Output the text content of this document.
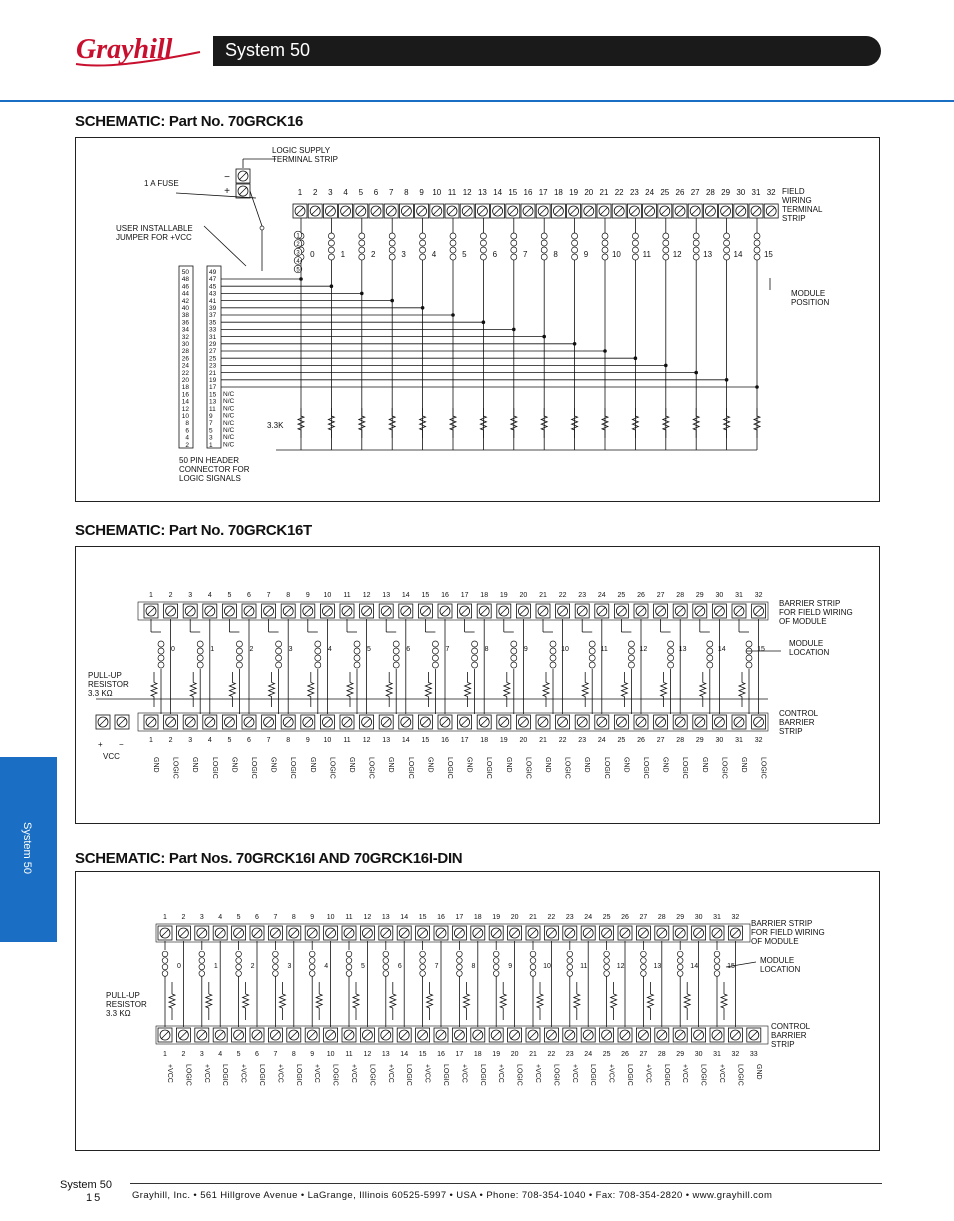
Grayhill	System 50
System 50
SCHEMATIC: Part No. 70GRCK16
1 2 3 4 5 6 7 8 9 10 11 12 13 14 15 16 17 18 19 20 21 22 23 24 25 26 27 28 29 30 31 32
0	1	2	3	4	5	6	7	8	9	10	11	12	13	14	15
1
2
3
4
5
−
+
50
48
46
44
42
40
38
36
34
32
30
28
26
24
22
20
18
16
14
12
10
8
6
4
2
49
47
45
43
41
39
37
35
33
31
29
27
25
23
21
19
17
15
13
11
9
7
5
3
1
N/C
N/C
N/C
N/C
N/C
N/C
N/C
N/C
LOGIC SUPPLY
TERMINAL STRIP
1 A FUSE
USER INSTALLABLE
JUMPER FOR +VCC
FIELD
WIRING
TERMINAL
STRIP
MODULE
POSITION
3.3K
50 PIN HEADER
CONNECTOR FOR
LOGIC SIGNALS
SCHEMATIC: Part No. 70GRCK16T
1
1
GND
2
2
LOGIC
3
3
GND
4
4
LOGIC
5
5
GND
6
6
LOGIC
7
7
GND
8
8
LOGIC
9
9
GND
10
10
LOGIC
11
11
GND
12
12
LOGIC
13
13
GND
14
14
LOGIC
15
15
GND
16
16
LOGIC
17
17
GND
18
18
LOGIC
19
19
GND
20
20
LOGIC
21
21
GND
22
22
LOGIC
23
23
GND
24
24
LOGIC
25
25
GND
26
26
LOGIC
27
27
GND
28
28
LOGIC
29
29
GND
30
30
LOGIC
31
31
GND
32
32
LOGIC
0	1	2	3	4	5	6	7	8	9	10	11	12	13	14	15
BARRIER STRIP
FOR FIELD WIRING
OF MODULE
MODULE
LOCATION
PULL-UP
RESISTOR
3.3 KΩ
CONTROL
BARRIER
STRIP
+ −
VCC
SCHEMATIC: Part Nos. 70GRCK16I AND 70GRCK16I-DIN
1 2 3 4 5 6 7 8 9 10 11 12 13 14 15 16 17 18 19 20 21 22 23 24 25 26 27 28 29 30 31 32
1
+VCC
2
LOGIC
3
+VCC
4
LOGIC
5
+VCC
6
LOGIC
7
+VCC
8
LOGIC
9
+VCC
10
LOGIC
11
+VCC
12
LOGIC
13
+VCC
14
LOGIC
15
+VCC
16
LOGIC
17
+VCC
18
LOGIC
19
+VCC
20
LOGIC
21
+VCC
22
LOGIC
23
+VCC
24
LOGIC
25
+VCC
26
LOGIC
27
+VCC
28
LOGIC
29
+VCC
30
LOGIC
31
+VCC
32
LOGIC
33
GND
0	1	2	3	4	5	6	7	8	9	10	11	12	13	14	15
BARRIER STRIP
FOR FIELD WIRING
OF MODULE
MODULE
LOCATION
PULL-UP
RESISTOR
3.3 KΩ
CONTROL
BARRIER
STRIP
System 50
15	Grayhill, Inc. • 561 Hillgrove Avenue • LaGrange, Illinois 60525-5997 • USA • Phone: 708-354-1040 • Fax: 708-354-2820 • www.grayhill.com
